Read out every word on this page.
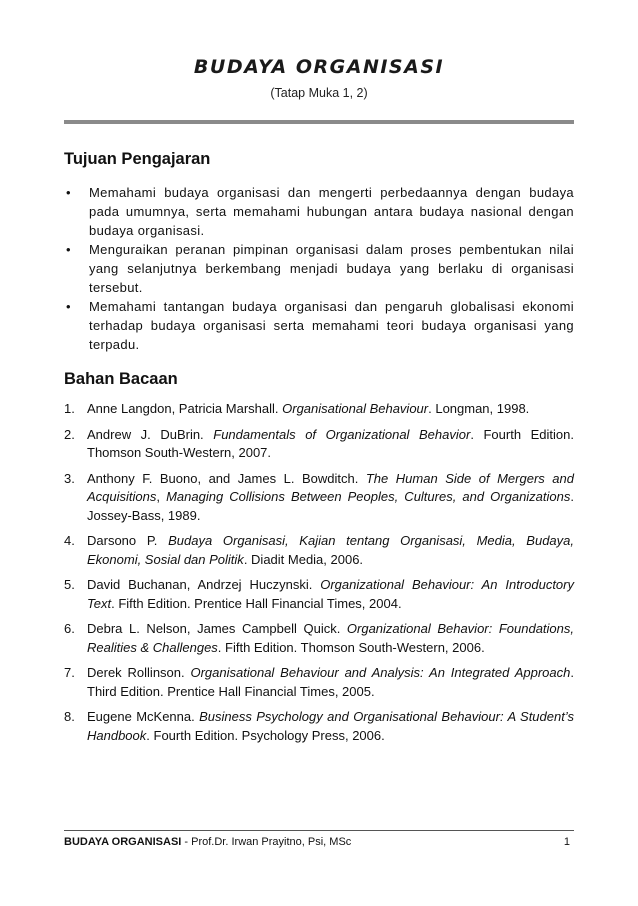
BUDAYA ORGANISASI
(Tatap Muka 1, 2)
Tujuan Pengajaran
• Memahami budaya organisasi dan mengerti perbedaannya dengan budaya pada umumnya, serta memahami hubungan antara budaya nasional dengan budaya organisasi.
• Menguraikan peranan pimpinan organisasi dalam proses pembentukan nilai yang selanjutnya berkembang menjadi budaya yang berlaku di organisasi tersebut.
• Memahami tantangan budaya organisasi dan pengaruh globalisasi ekonomi terhadap budaya organisasi serta memahami teori budaya organisasi yang terpadu.
Bahan Bacaan
1. Anne Langdon, Patricia Marshall. Organisational Behaviour. Longman, 1998.
2. Andrew J. DuBrin. Fundamentals of Organizational Behavior. Fourth Edition. Thomson South-Western, 2007.
3. Anthony F. Buono, and James L. Bowditch. The Human Side of Mergers and Acquisitions, Managing Collisions Between Peoples, Cultures, and Organizations. Jossey-Bass, 1989.
4. Darsono P. Budaya Organisasi, Kajian tentang Organisasi, Media, Budaya, Ekonomi, Sosial dan Politik. Diadit Media, 2006.
5. David Buchanan, Andrzej Huczynski. Organizational Behaviour: An Introductory Text. Fifth Edition. Prentice Hall Financial Times, 2004.
6. Debra L. Nelson, James Campbell Quick. Organizational Behavior: Foundations, Realities & Challenges. Fifth Edition. Thomson South-Western, 2006.
7. Derek Rollinson. Organisational Behaviour and Analysis: An Integrated Approach. Third Edition. Prentice Hall Financial Times, 2005.
8. Eugene McKenna. Business Psychology and Organisational Behaviour: A Student’s Handbook. Fourth Edition. Psychology Press, 2006.
BUDAYA ORGANISASI - Prof.Dr. Irwan Prayitno, Psi, MSc	1
